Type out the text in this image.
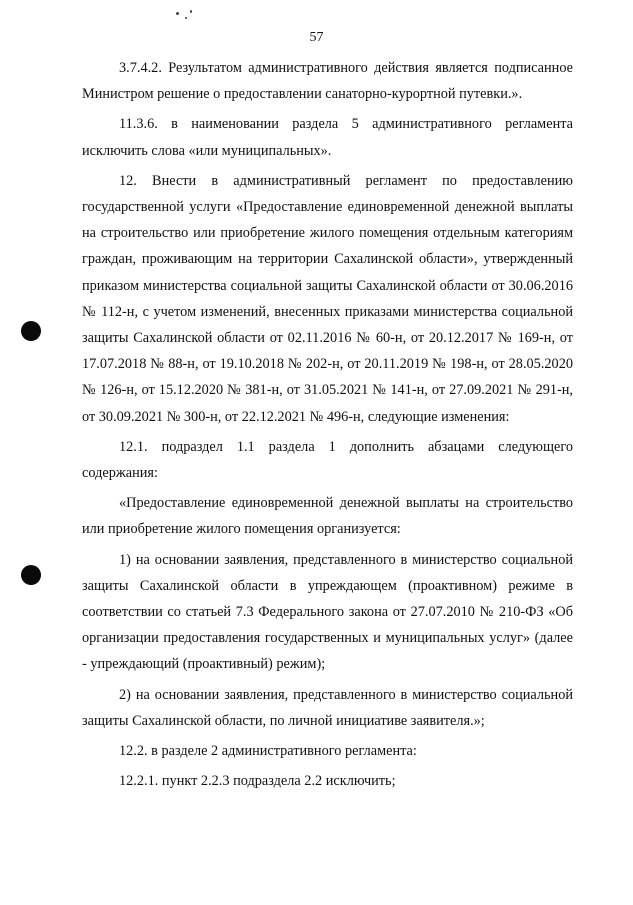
57

3.7.4.2. Результатом административного действия является подписанное Министром решение о предоставлении санаторно-курортной путевки.».

11.3.6. в наименовании раздела 5 административного регламента исключить слова «или муниципальных».

12. Внести в административный регламент по предоставлению государственной услуги «Предоставление единовременной денежной выплаты на строительство или приобретение жилого помещения отдельным категориям граждан, проживающим на территории Сахалинской области», утвержденный приказом министерства социальной защиты Сахалинской области от 30.06.2016 № 112-н, с учетом изменений, внесенных приказами министерства социальной защиты Сахалинской области от 02.11.2016 № 60-н, от 20.12.2017 № 169-н, от 17.07.2018 № 88-н, от 19.10.2018 № 202-н, от 20.11.2019 № 198-н, от 28.05.2020 № 126-н, от 15.12.2020 № 381-н, от 31.05.2021 № 141-н, от 27.09.2021 № 291-н, от 30.09.2021 № 300-н, от 22.12.2021 № 496-н, следующие изменения:

12.1. подраздел 1.1 раздела 1 дополнить абзацами следующего содержания:

«Предоставление единовременной денежной выплаты на строительство или приобретение жилого помещения организуется:

1) на основании заявления, представленного в министерство социальной защиты Сахалинской области в упреждающем (проактивном) режиме в соответствии со статьей 7.3 Федерального закона от 27.07.2010 № 210-ФЗ «Об организации предоставления государственных и муниципальных услуг» (далее - упреждающий (проактивный) режим);

2) на основании заявления, представленного в министерство социальной защиты Сахалинской области, по личной инициативе заявителя.»;

12.2. в разделе 2 административного регламента:

12.2.1. пункт 2.2.3 подраздела 2.2 исключить;
